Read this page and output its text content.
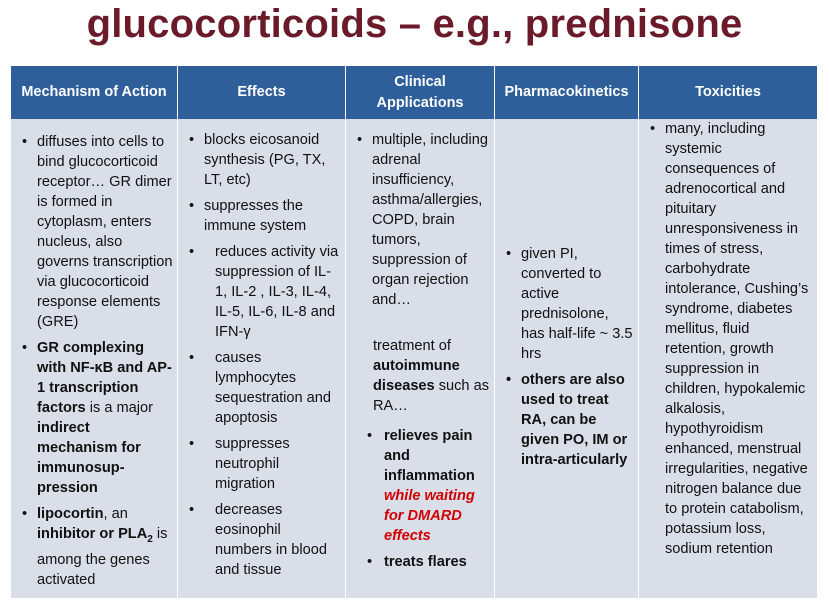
glucocorticoids – e.g., prednisone
Mechanism of Action	Effects
Clinical Applications
Pharmacokinetics	Toxicities
• diffuses into cells to bind glucocorticoid receptor… GR dimer is formed in cytoplasm, enters nucleus, also governs transcription via glucocorticoid response elements (GRE)
• GR complexing with NF-κB and AP-1 transcription factors is a major indirect mechanism for immunosup-pression
• lipocortin, an inhibitor or $PLA_2$ is among the genes activated
• blocks eicosanoid synthesis (PG, TX, LT, etc)
• suppresses the immune system
• reduces activity via suppression of IL-1, IL-2 , IL-3, IL-4, IL-5, IL-6, IL-8 and IFN-γ
• causes lymphocytes sequestration and apoptosis
• suppresses neutrophil migration
• decreases eosinophil numbers in blood and tissue
• multiple, including adrenal insufficiency, asthma/allergies, COPD, brain tumors, suppression of organ rejection and…
treatment of autoimmune diseases such as RA…
• relieves pain and inflammation while waiting for DMARD effects
• treats flares
• given PI, converted to active prednisolone, has half-life ~ 3.5 hrs
• others are also used to treat RA, can be given PO, IM or intra-articularly
• many, including systemic consequences of adrenocortical and pituitary unresponsiveness in times of stress, carbohydrate intolerance, Cushing’s syndrome, diabetes mellitus, fluid retention, growth suppression in children, hypokalemic alkalosis, hypothyroidism enhanced, menstrual irregularities, negative nitrogen balance due to protein catabolism, potassium loss, sodium retention
